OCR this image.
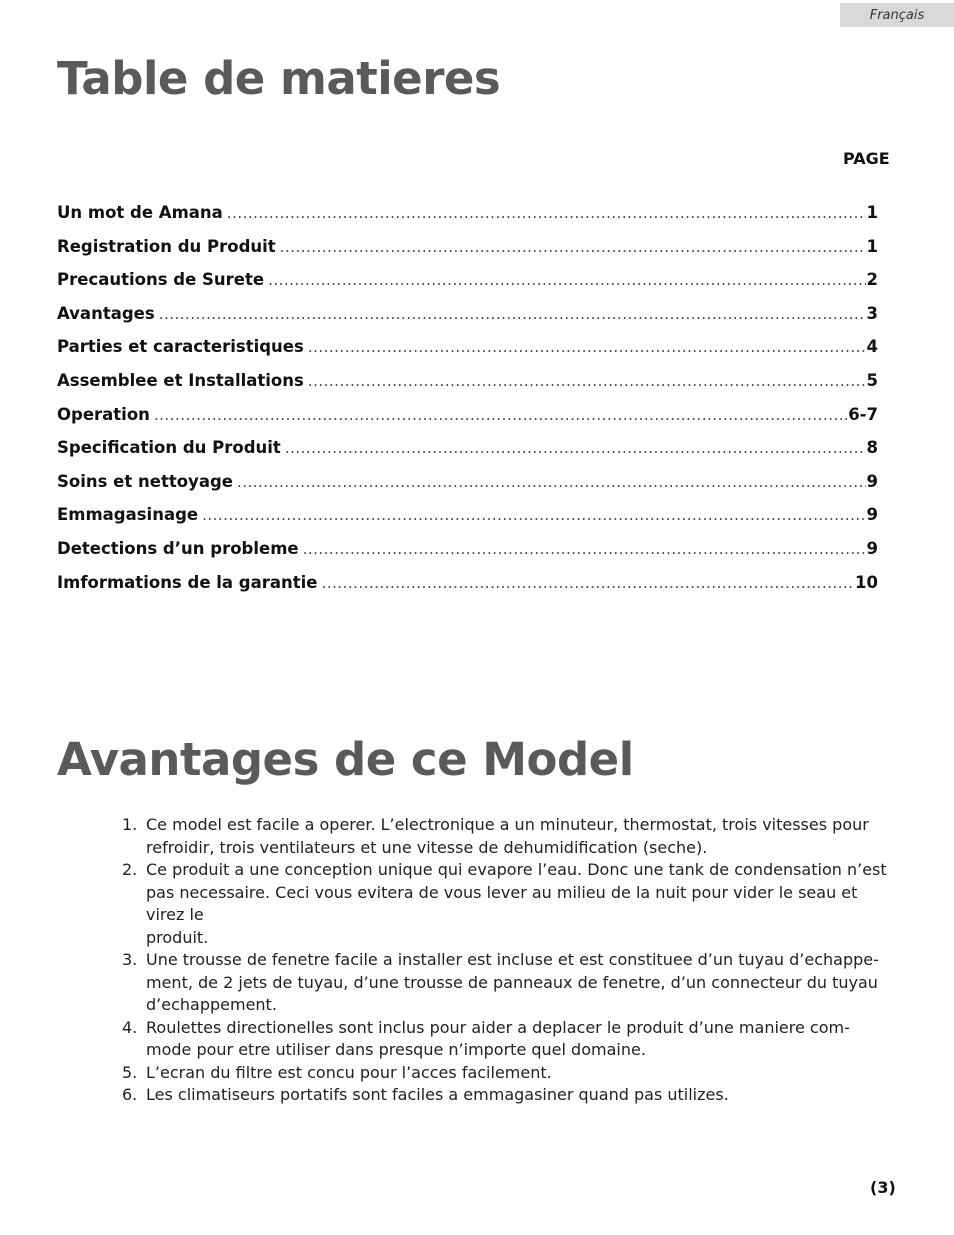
Français
Table de matieres
PAGE
Un mot de Amana .....	1
Registration du Produit .....	1
Precautions de Surete .....	2
Avantages .....	3
Parties et caracteristiques .....	4
Assemblee et Installations .....	5
Operation .....	6-7
Specification du Produit .....	8
Soins et nettoyage .....	9
Emmagasinage .....	9
Detections d’un probleme .....	9
Imformations de la garantie .....	10
Avantages de ce Model
1. Ce model est facile a operer. L’electronique a un minuteur, thermostat, trois vitesses pour
refroidir, trois ventilateurs et une vitesse de dehumidification (seche).
2. Ce produit a une conception unique qui evapore l’eau. Donc une tank de condensation n’est
pas necessaire. Ceci vous evitera de vous lever au milieu de la nuit pour vider le seau et
virez le
produit.
3. Une trousse de fenetre facile a installer est incluse et est constituee d’un tuyau d’echappe-
ment, de 2 jets de tuyau, d’une trousse de panneaux de fenetre, d’un connecteur du tuyau
d’echappement.
4. Roulettes directionelles sont inclus pour aider a deplacer le produit d’une maniere com-
mode pour etre utiliser dans presque n’importe quel domaine.
5. L’ecran du filtre est concu pour l’acces facilement.
6. Les climatiseurs portatifs sont faciles a emmagasiner quand pas utilizes.
(3)
